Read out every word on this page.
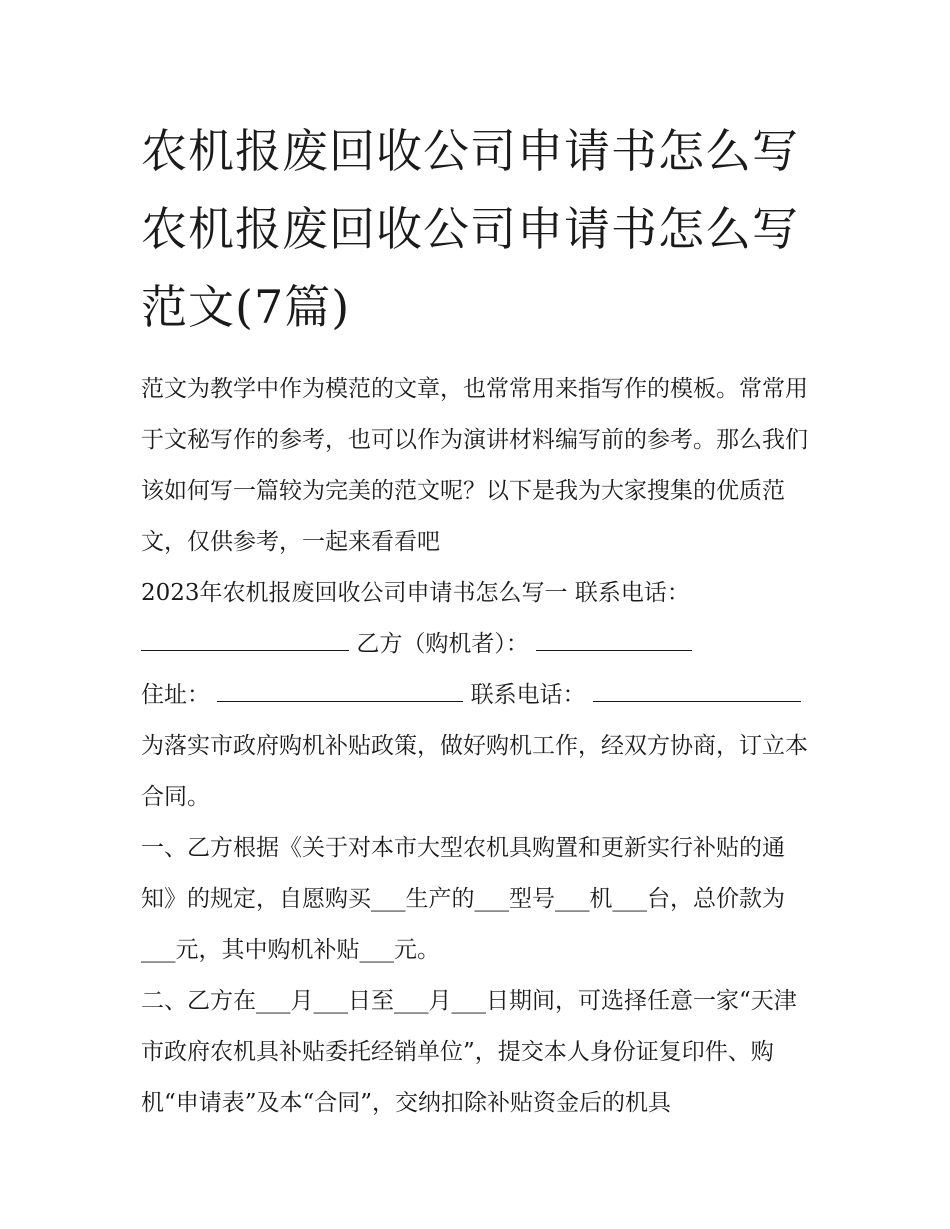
农机报废回收公司申请书怎么写 农机报废回收公司申请书怎么写范文(7篇)

范文为教学中作为模范的文章，也常常用来指写作的模板。常常用于文秘写作的参考，也可以作为演讲材料编写前的参考。那么我们该如何写一篇较为完美的范文呢？以下是我为大家搜集的优质范文，仅供参考，一起来看看吧

2023年农机报废回收公司申请书怎么写一 联系电话：

乙方（购机者）：

住址：	联系电话：

为落实市政府购机补贴政策，做好购机工作，经双方协商，订立本合同。

一、乙方根据《关于对本市大型农机具购置和更新实行补贴的通知》的规定，自愿购买___生产的___型号___机___台，总价款为___元，其中购机补贴___元。

二、乙方在___月___日至___月___日期间，可选择任意一家“天津市政府农机具补贴委托经销单位”，提交本人身份证复印件、购机“申请表”及本“合同”，交纳扣除补贴资金后的机具
